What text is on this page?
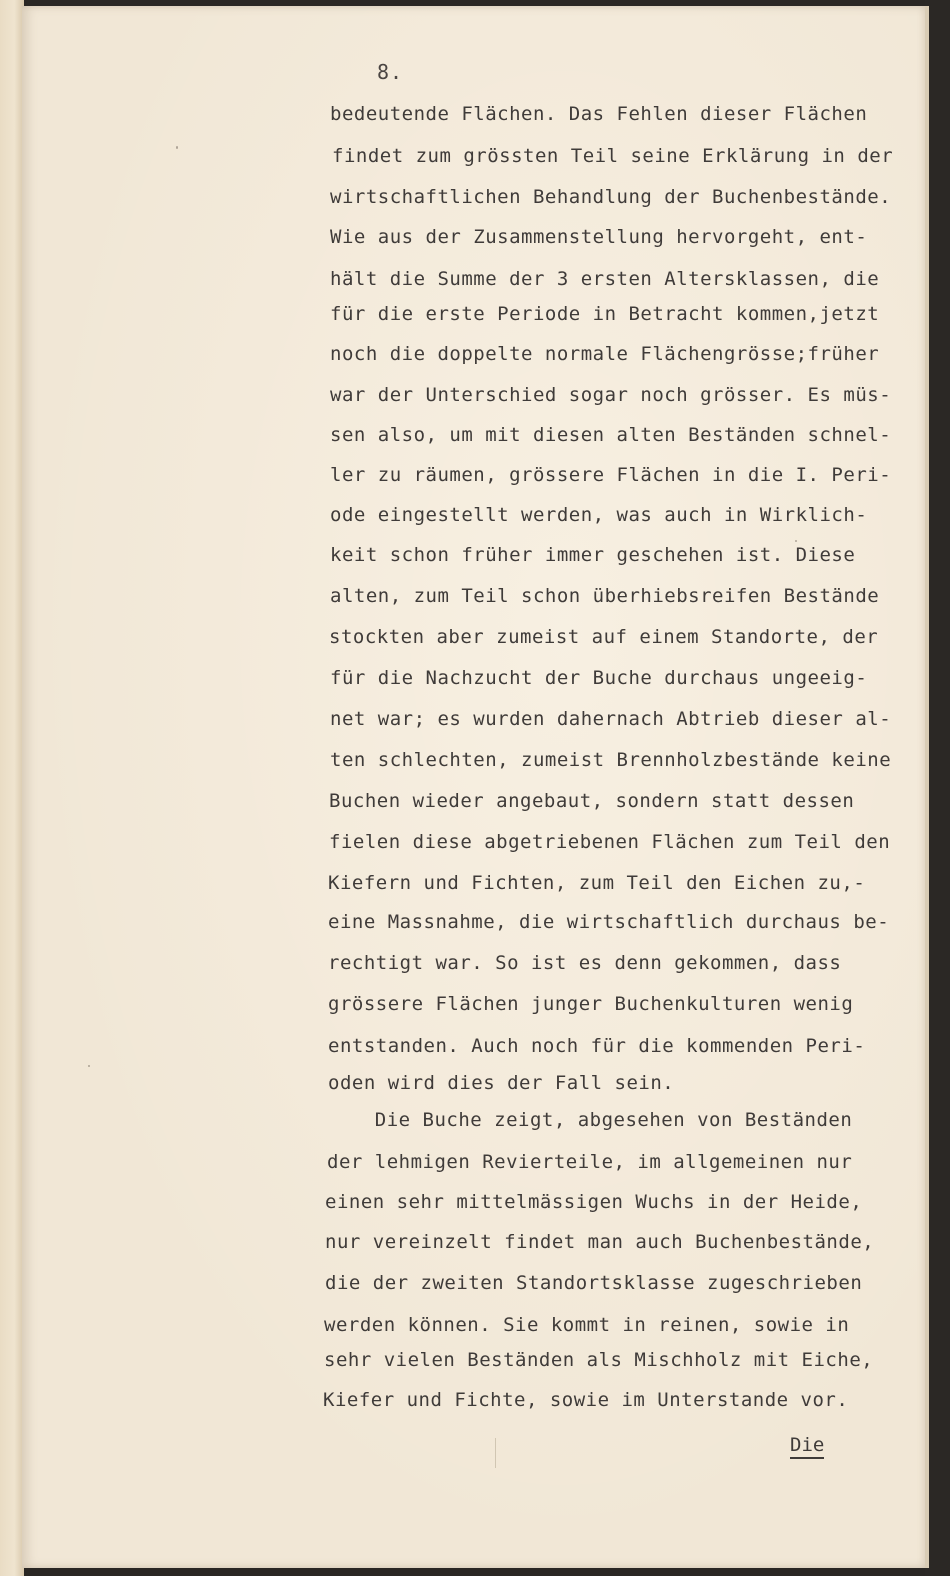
8.
bedeutende Flächen. Das Fehlen dieser Flächen
findet zum grössten Teil seine Erklärung in der
wirtschaftlichen Behandlung der Buchenbestände.
Wie aus der Zusammenstellung hervorgeht, ent-
hält die Summe der 3 ersten Altersklassen, die
für die erste Periode in Betracht kommen,jetzt
noch die doppelte normale Flächengrösse;früher
war der Unterschied sogar noch grösser. Es müs-
sen also, um mit diesen alten Beständen schnel-
ler zu räumen, grössere Flächen in die I. Peri-
ode eingestellt werden, was auch in Wirklich-
keit schon früher immer geschehen ist. Diese
alten, zum Teil schon überhiebsreifen Bestände
stockten aber zumeist auf einem Standorte, der
für die Nachzucht der Buche durchaus ungeeig-
net war; es wurden dahernach Abtrieb dieser al-
ten schlechten, zumeist Brennholzbestände keine
Buchen wieder angebaut, sondern statt dessen
fielen diese abgetriebenen Flächen zum Teil den
Kiefern und Fichten, zum Teil den Eichen zu,-
eine Massnahme, die wirtschaftlich durchaus be-
rechtigt war. So ist es denn gekommen, dass
grössere Flächen junger Buchenkulturen wenig
entstanden. Auch noch für die kommenden Peri-
oden wird dies der Fall sein.
Die Buche zeigt, abgesehen von Beständen
der lehmigen Revierteile, im allgemeinen nur
einen sehr mittelmässigen Wuchs in der Heide,
nur vereinzelt findet man auch Buchenbestände,
die der zweiten Standortsklasse zugeschrieben
werden können. Sie kommt in reinen, sowie in
sehr vielen Beständen als Mischholz mit Eiche,
Kiefer und Fichte, sowie im Unterstande vor.
Die
